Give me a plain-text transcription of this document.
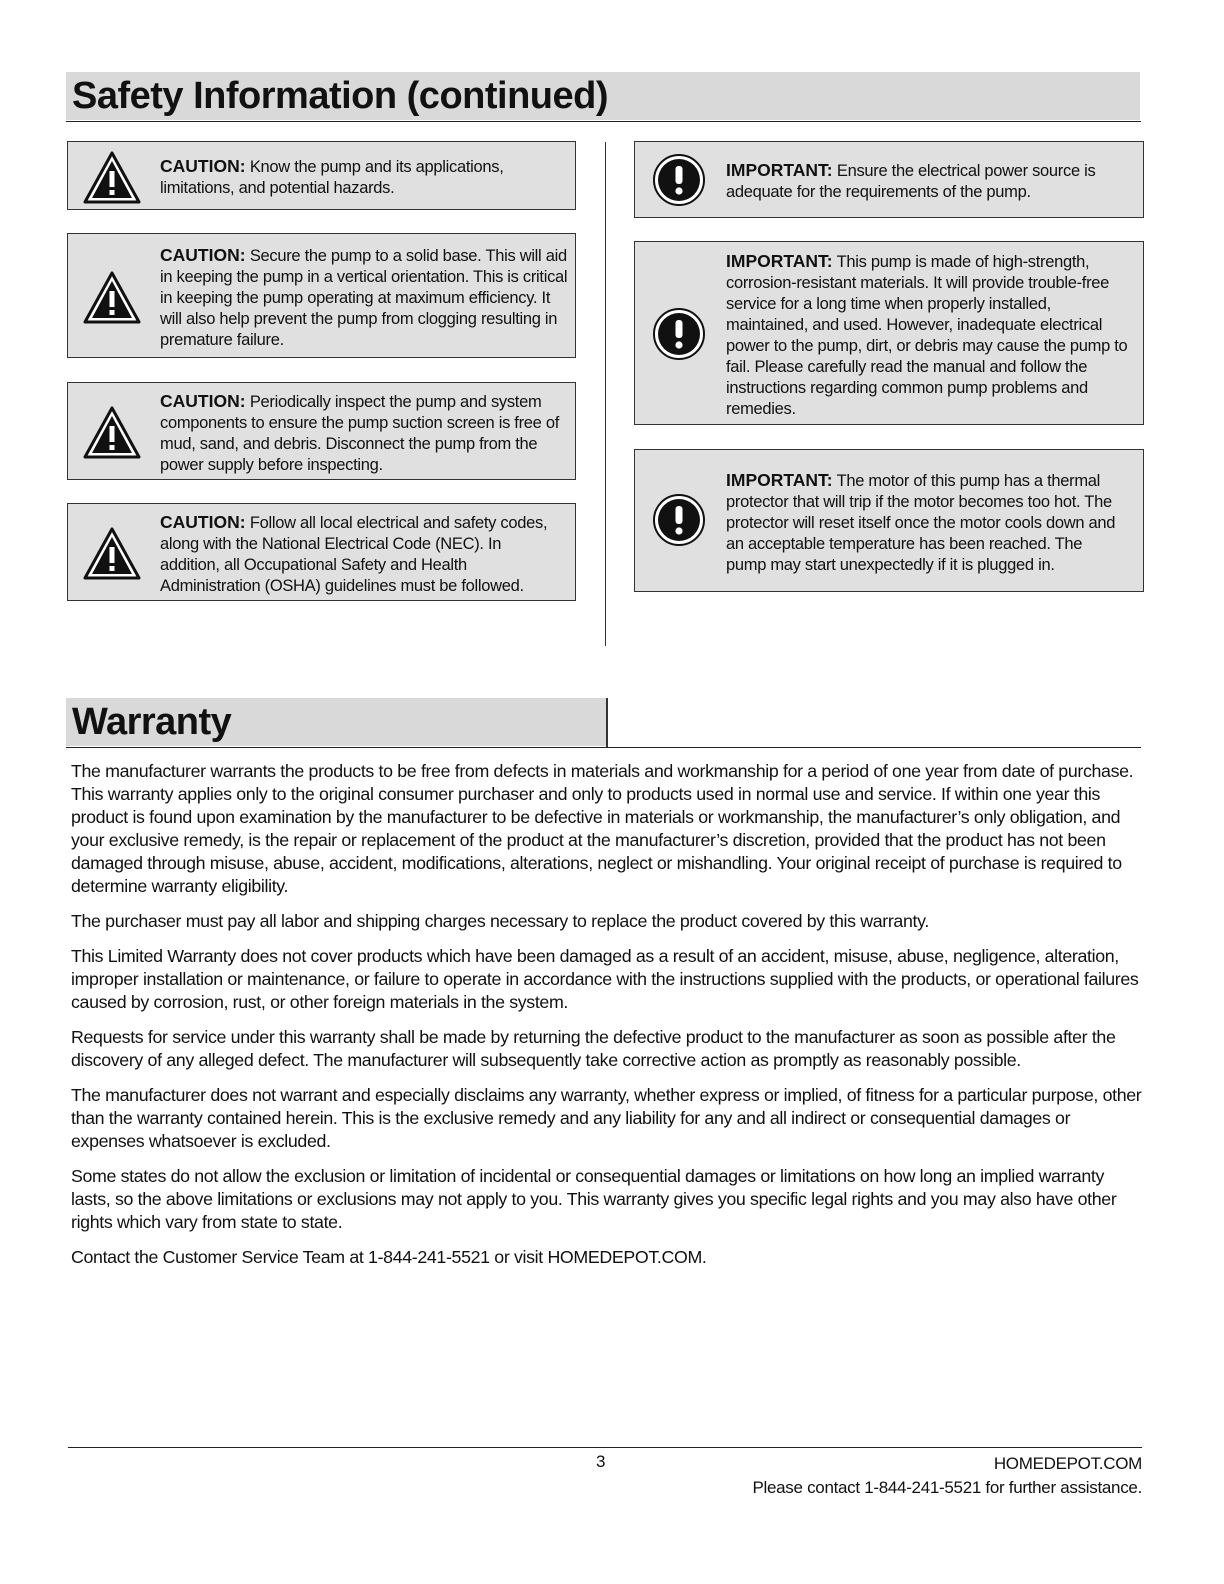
Safety Information (continued)
CAUTION: Know the pump and its applications, limitations, and potential hazards.
CAUTION: Secure the pump to a solid base. This will aid in keeping the pump in a vertical orientation. This is critical in keeping the pump operating at maximum efficiency. It will also help prevent the pump from clogging resulting in premature failure.
CAUTION: Periodically inspect the pump and system components to ensure the pump suction screen is free of mud, sand, and debris. Disconnect the pump from the power supply before inspecting.
CAUTION: Follow all local electrical and safety codes, along with the National Electrical Code (NEC). In addition, all Occupational Safety and Health Administration (OSHA) guidelines must be followed.
IMPORTANT: Ensure the electrical power source is adequate for the requirements of the pump.
IMPORTANT: This pump is made of high-strength, corrosion-resistant materials. It will provide trouble-free service for a long time when properly installed, maintained, and used. However, inadequate electrical power to the pump, dirt, or debris may cause the pump to fail. Please carefully read the manual and follow the instructions regarding common pump problems and remedies.
IMPORTANT: The motor of this pump has a thermal protector that will trip if the motor becomes too hot. The protector will reset itself once the motor cools down and an acceptable temperature has been reached. The pump may start unexpectedly if it is plugged in.
Warranty

The manufacturer warrants the products to be free from defects in materials and workmanship for a period of one year from date of purchase. This warranty applies only to the original consumer purchaser and only to products used in normal use and service. If within one year this product is found upon examination by the manufacturer to be defective in materials or workmanship, the manufacturer’s only obligation, and your exclusive remedy, is the repair or replacement of the product at the manufacturer’s discretion, provided that the product has not been damaged through misuse, abuse, accident, modifications, alterations, neglect or mishandling. Your original receipt of purchase is required to determine warranty eligibility.

The purchaser must pay all labor and shipping charges necessary to replace the product covered by this warranty.

This Limited Warranty does not cover products which have been damaged as a result of an accident, misuse, abuse, negligence, alteration, improper installation or maintenance, or failure to operate in accordance with the instructions supplied with the products, or operational failures caused by corrosion, rust, or other foreign materials in the system.

Requests for service under this warranty shall be made by returning the defective product to the manufacturer as soon as possible after the discovery of any alleged defect. The manufacturer will subsequently take corrective action as promptly as reasonably possible.

The manufacturer does not warrant and especially disclaims any warranty, whether express or implied, of fitness for a particular purpose, other than the warranty contained herein. This is the exclusive remedy and any liability for any and all indirect or consequential damages or expenses whatsoever is excluded.

Some states do not allow the exclusion or limitation of incidental or consequential damages or limitations on how long an implied warranty lasts, so the above limitations or exclusions may not apply to you. This warranty gives you specific legal rights and you may also have other rights which vary from state to state.

Contact the Customer Service Team at 1-844-241-5521 or visit HOMEDEPOT.COM.

3	HOMEDEPOT.COM
Please contact 1-844-241-5521 for further assistance.
